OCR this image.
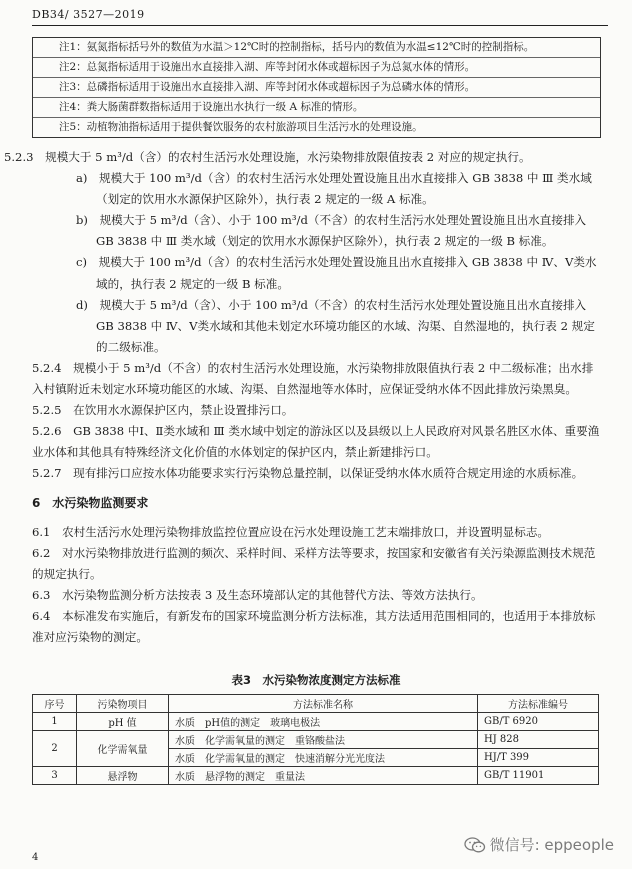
DB34/ 3527—2019
注1：氨氮指标括号外的数值为水温＞12℃时的控制指标，括号内的数值为水温≤12℃时的控制指标。
注2：总氮指标适用于设施出水直接排入湖、库等封闭水体或超标因子为总氮水体的情形。
注3：总磷指标适用于设施出水直接排入湖、库等封闭水体或超标因子为总磷水体的情形。
注4：粪大肠菌群数指标适用于设施出水执行一级 A 标准的情形。
注5：动植物油指标适用于提供餐饮服务的农村旅游项目生活污水的处理设施。

5.2.3　 规模大于 5 m³/d（含）的农村生活污水处理设施，水污染物排放限值按表 2 对应的规定执行。

a)　 规模大于 100 m³/d（含）的农村生活污水处理处置设施且出水直接排入 GB 3838 中 Ⅲ 类水域（划定的饮用水水源保护区除外），执行表 2 规定的一级 A 标准。

b)　 规模大于 5 m³/d（含）、小于 100 m³/d（不含）的农村生活污水处理处置设施且出水直接排入 GB 3838 中 Ⅲ 类水域（划定的饮用水水源保护区除外），执行表 2 规定的一级 B 标准。

c)　 规模大于 100 m³/d（含）的农村生活污水处理处置设施且出水直接排入 GB 3838 中 Ⅳ、Ⅴ类水域的，执行表 2 规定的一级 B 标准。

d)　 规模大于 5 m³/d（含）、小于 100 m³/d（不含）的农村生活污水处理处置设施且出水直接排入 GB 3838 中 Ⅳ、Ⅴ类水域和其他未划定水环境功能区的水域、沟渠、自然湿地的，执行表 2 规定的二级标准。

5.2.4　 规模小于 5 m³/d（不含）的农村生活污水处理设施，水污染物排放限值执行表 2 中二级标准；出水排入村镇附近未划定水环境功能区的水域、沟渠、自然湿地等水体时，应保证受纳水体不因此排放污染黑臭。

5.2.5　 在饮用水水源保护区内，禁止设置排污口。

5.2.6　 GB 3838 中Ⅰ、Ⅱ类水域和 Ⅲ 类水域中划定的游泳区以及县级以上人民政府对风景名胜区水体、重要渔业水体和其他具有特殊经济文化价值的水体划定的保护区内，禁止新建排污口。

5.2.7　 现有排污口应按水体功能要求实行污染物总量控制，以保证受纳水体水质符合规定用途的水质标准。

6　 水污染物监测要求

6.1　 农村生活污水处理污染物排放监控位置应设在污水处理设施工艺末端排放口，并设置明显标志。

6.2　 对水污染物排放进行监测的频次、采样时间、采样方法等要求，按国家和安徽省有关污染源监测技术规范的规定执行。

6.3　 水污染物监测分析方法按表 3 及生态环境部认定的其他替代方法、等效方法执行。

6.4　 本标准发布实施后，有新发布的国家环境监测分析方法标准，其方法适用范围相同的，也适用于本排放标准对应污染物的测定。

表3　水污染物浓度测定方法标准
序号	污染物项目	方法标准名称	方法标准编号
1	pH 值	水质　pH值的测定　玻璃电极法	GB/T 6920
2	化学需氧量	水质　化学需氧量的测定　重铬酸盐法	HJ 828
		水质　化学需氧量的测定　快速消解分光光度法	HJ/T 399
3	悬浮物	水质　悬浮物的测定　重量法	GB/T 11901
4
微信号: eppeople
